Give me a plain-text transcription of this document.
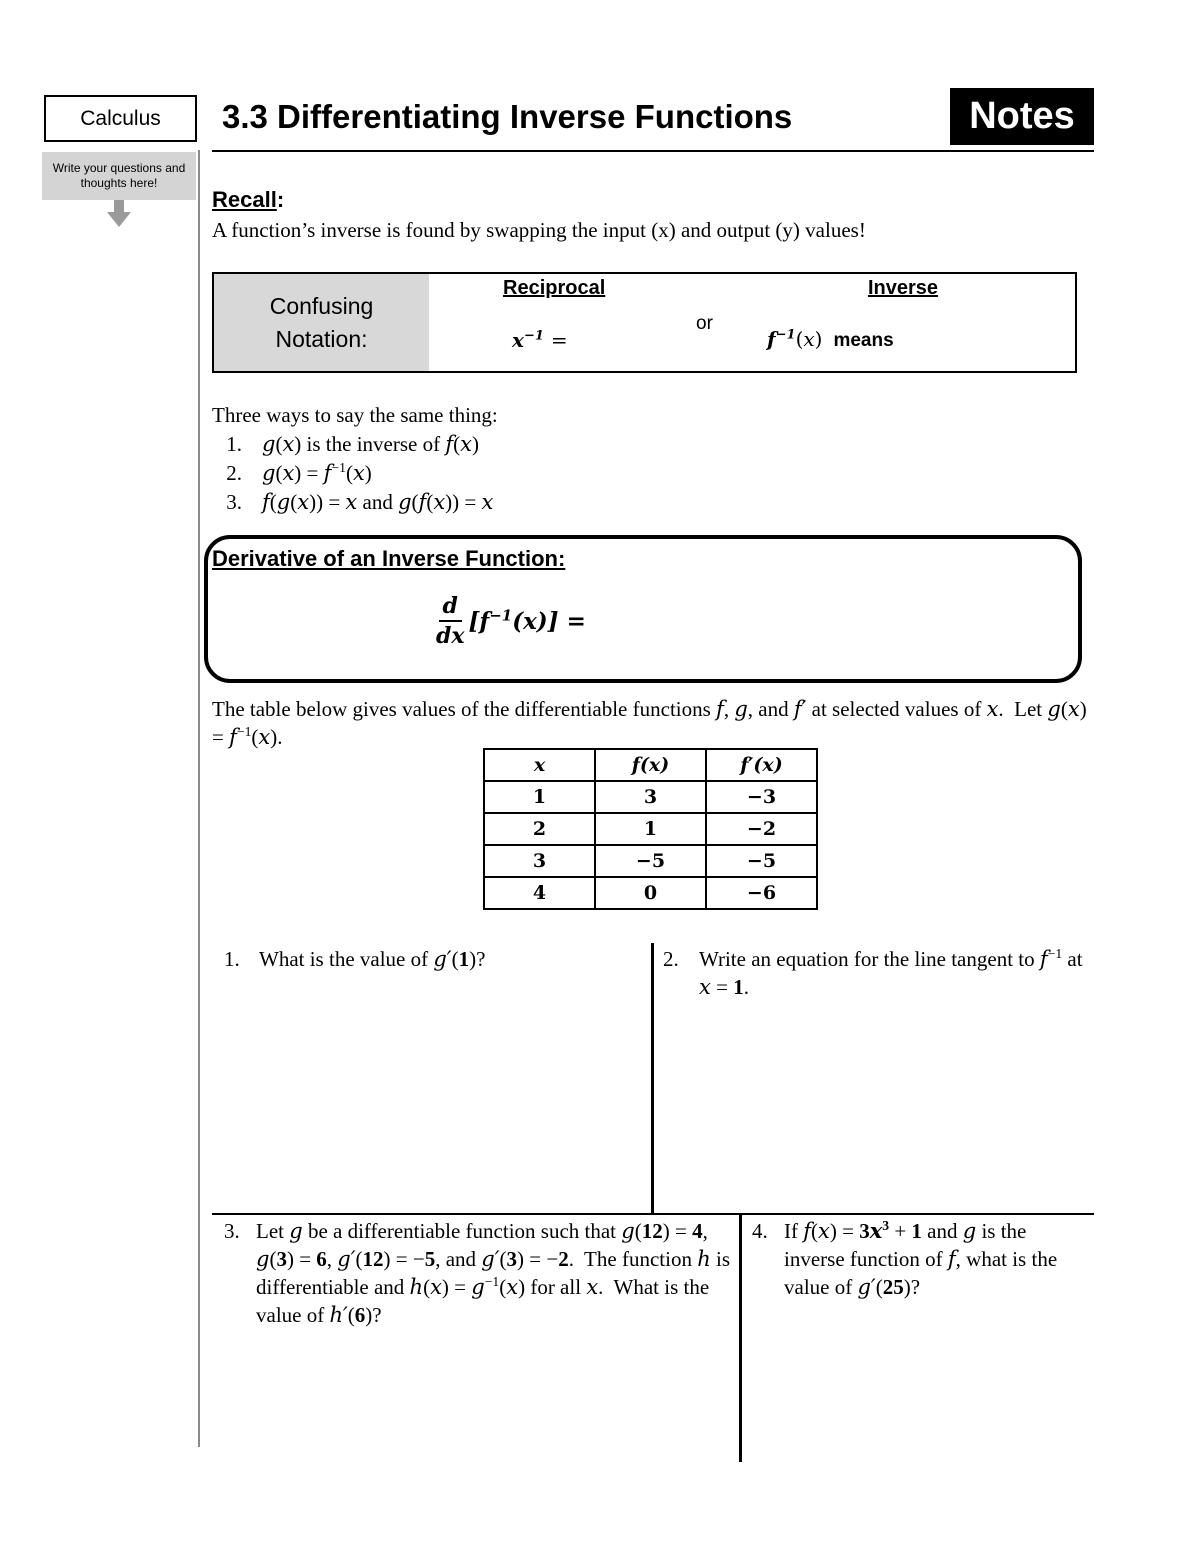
Calculus
Write your questions and thoughts here!
3.3 Differentiating Inverse Functions	Notes
Recall:
A function’s inverse is found by swapping the input (x) and output (y) values!
Confusing
Notation:
Reciprocal
$x^{-1}$ =
or
Inverse
$f^{-1}(x)$ means
Three ways to say the same thing:
1. g(x) is the inverse of f(x)
2. $g(x) = f^{-1}(x)$
3. f(g(x)) = x and g(f(x)) = x
Derivative of an Inverse Function:
$\frac{d}{dx} [f^{-1}(x)]$ =
The table below gives values of the differentiable functions f, g, and f′ at selected values of x.  Let $g(x) = f^{-1}(x)$.
x	f(x)	f′(x)
1	3	−3
2	1	−2
3	−5	−5
4	0	−6
1. What is the value of g′(1)?	2. Write an equation for the line tangent to $f^{-1}$ at x = 1.
3. Let g be a differentiable function such that g(12) = 4, g(3) = 6, g′(12) = −5, and g′(3) = −2.  The function h is differentiable and $h(x) = g^{-1}(x)$ for all x.  What is the value of h′(6)?
4. If $f(x) = 3x^3 + 1$ and g is the inverse function of f, what is the value of g′(25)?
